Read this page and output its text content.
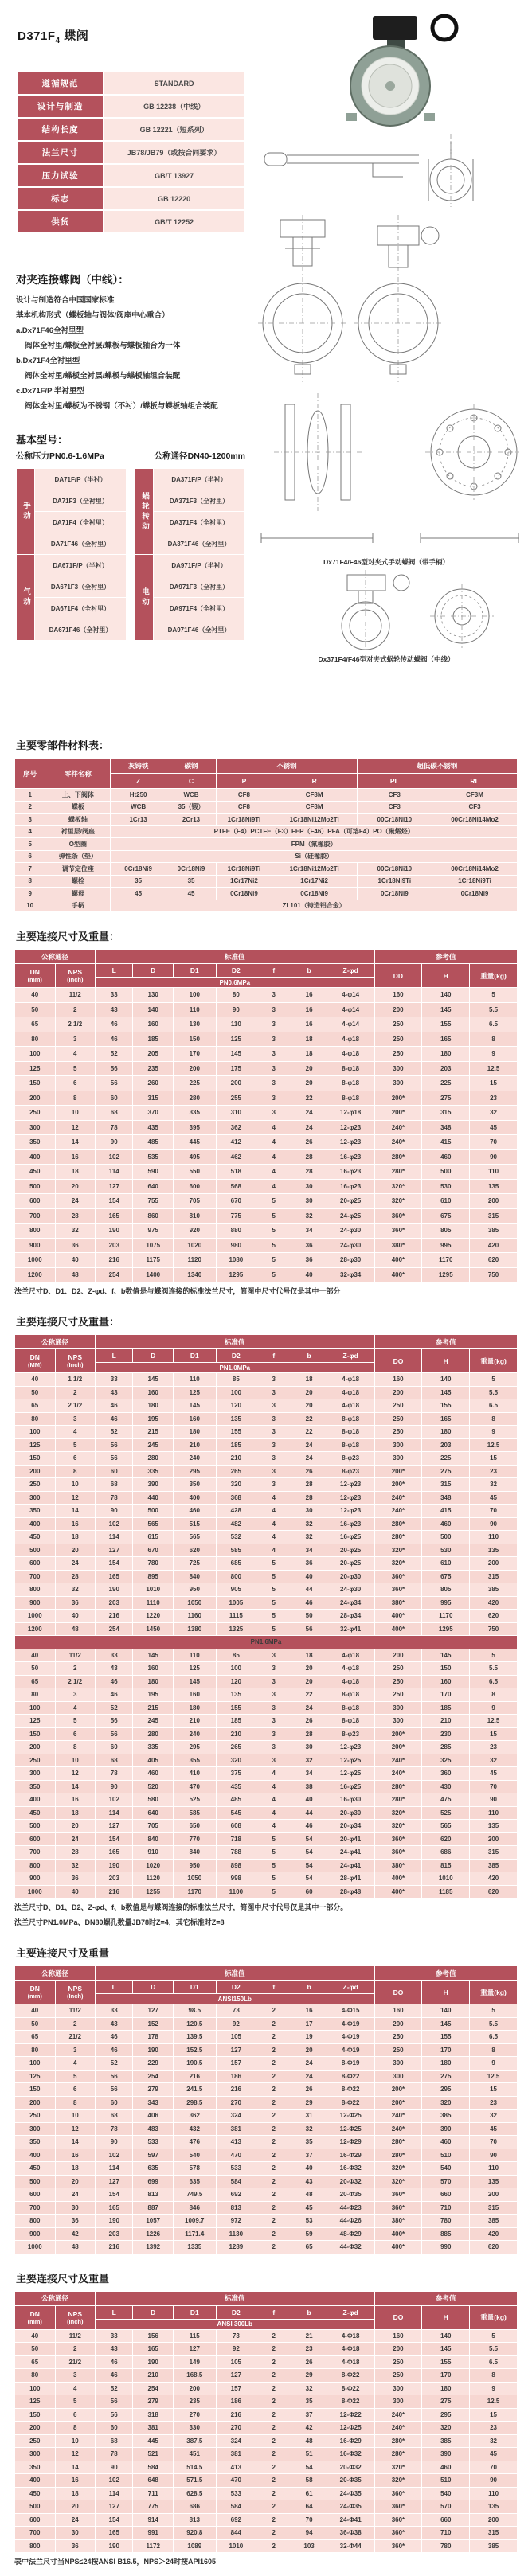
$D371F_4$ 蝶阀
遵循规范	STANDARD
设计与制造	GB 12238（中线）
结构长度	GB 12221（短系列）
法兰尺寸	JB78/JB79（或按合同要求）
压力试验	GB/T 13927
标志	GB 12220
供货	GB/T 12252
对夹连接蝶阀（中线）：
设计与制造符合中国国家标准
基本机构形式（蝶板轴与阀体/阀座中心重合）
a.Dx71F46全衬里型
阀体全衬里/蝶板全衬层/蝶板与蝶板轴合为一体
b.Dx71F4全衬里型
阀体全衬里/蝶板全衬层/蝶板与蝶板轴组合装配
c.Dx71F/P 半衬里型
阀体全衬里/蝶板为不锈钢（不衬）/蝶板与蝶板轴组合装配
基本型号：
公称压力PN0.6-1.6MPa	公称通径DN40-1200mm
手动	DA71F/P（半衬）
	DA71F3（全衬里）
	DA71F4（全衬里）
	DA71F46（全衬里）
气动	DA671F/P（半衬）
	DA671F3（全衬里）
	DA671F4（全衬里）
	DA671F46（全衬里）
蜗轮转动	DA371F/P（半衬）
	DA371F3（全衬里）
	DA371F4（全衬里）
	DA371F46（全衬里）
电动	DA971F/P（半衬）
	DA971F3（全衬里）
	DA971F4（全衬里）
	DA971F46（全衬里）
Dx71F4/F46型对夹式手动蝶阀（带手柄）
Dx371F4/F46型对夹式蜗轮传动蝶阀（中线）
主要零部件材料表：
序号	零件名称	灰铸铁	碳钢	不锈钢		超低碳不锈钢	
		Z	C	P	R	PL	RL
1	上、下阀体	Ht250	WCB	CF8	CF8M	CF3	CF3M
2	蝶板	WCB	35（锻）	CF8	CF8M	CF3	CF3
3	蝶板轴	1Cr13	2Cr13	1Cr18Ni9Ti	1Cr18Ni12Mo2Ti	00Cr18Ni10	00Cr18Ni14Mo2
4	衬里层/阀座	PTFE（F4）PCTFE（F3）FEP（F46）PFA（可溶F4）PO（聚烯烃）					
5	O型圈	FPM（氟橡胶）					
6	弹性条（垫）	Si（硅橡胶）					
7	调节定位座	0Cr18Ni9	0Cr18Ni9	1Cr18Ni9Ti	1Cr18Ni12Mo2Ti	00Cr18Ni10	00Cr18Ni14Mo2
8	螺栓	35	35	1Cr17Ni2	1Cr17Ni2	1Cr18Ni9Ti	1Cr18Ni9Ti
9	螺母	45	45	0Cr18Ni9	0Cr18Ni9	0Cr18Ni9	0Cr18Ni9
10	手柄	ZL101（铸造铝合金）					
主要连接尺寸及重量：
公称通径		标准值							参考值		
DN
(mm)	NPS
(Inch)	L	D	D1	D2	f	b	Z-φd	DD	H	重量(kg)
		PN0.6MPa									
40	11/2	33	130	100	80	3	16	4-φ14	160	140	5
50	2	43	140	110	90	3	16	4-φ14	200	145	5.5
65	2 1/2	46	160	130	110	3	16	4-φ14	250	155	6.5
80	3	46	185	150	125	3	18	4-φ18	250	165	8
100	4	52	205	170	145	3	18	4-φ18	250	180	9
125	5	56	235	200	175	3	20	8-φ18	300	203	12.5
150	6	56	260	225	200	3	20	8-φ18	300	225	15
200	8	60	315	280	255	3	22	8-φ18	200*	275	23
250	10	68	370	335	310	3	24	12-φ18	200*	315	32
300	12	78	435	395	362	4	24	12-φ23	240*	348	45
350	14	90	485	445	412	4	26	12-φ23	240*	415	70
400	16	102	535	495	462	4	28	16-φ23	280*	460	90
450	18	114	590	550	518	4	28	16-φ23	280*	500	110
500	20	127	640	600	568	4	30	16-φ23	320*	530	135
600	24	154	755	705	670	5	30	20-φ25	320*	610	200
700	28	165	860	810	775	5	32	24-φ25	360*	675	315
800	32	190	975	920	880	5	34	24-φ30	360*	805	385
900	36	203	1075	1020	980	5	36	24-φ30	380*	995	420
1000	40	216	1175	1120	1080	5	36	28-φ30	400*	1170	620
1200	48	254	1400	1340	1295	5	40	32-φ34	400*	1295	750
法兰尺寸D、D1、D2、Z-φd、f、b数值是与蝶阀连接的标准法兰尺寸，简图中尺寸代号仅是其中一部分
主要连接尺寸及重量：
公称通径		标准值							参考值		
DN
(MM)	NPS
(Inch)	L	D	D1	D2	f	b	Z-φd	DO	H	重量(kg)
		PN1.0MPa									
40	1 1/2	33	145	110	85	3	18	4-φ18	160	140	5
50	2	43	160	125	100	3	20	4-φ18	200	145	5.5
65	2 1/2	46	180	145	120	3	20	4-φ18	250	155	6.5
80	3	46	195	160	135	3	22	8-φ18	250	165	8
100	4	52	215	180	155	3	22	8-φ18	250	180	9
125	5	56	245	210	185	3	24	8-φ18	300	203	12.5
150	6	56	280	240	210	3	24	8-φ23	300	225	15
200	8	60	335	295	265	3	26	8-φ23	200*	275	23
250	10	68	390	350	320	3	28	12-φ23	200*	315	32
300	12	78	440	400	368	4	28	12-φ23	240*	348	45
350	14	90	500	460	428	4	30	12-φ23	240*	415	70
400	16	102	565	515	482	4	32	16-φ23	280*	460	90
450	18	114	615	565	532	4	32	16-φ25	280*	500	110
500	20	127	670	620	585	4	34	20-φ25	320*	530	135
600	24	154	780	725	685	5	36	20-φ25	320*	610	200
700	28	165	895	840	800	5	40	20-φ30	360*	675	315
800	32	190	1010	950	905	5	44	24-φ30	360*	805	385
900	36	203	1110	1050	1005	5	46	24-φ34	380*	995	420
1000	40	216	1220	1160	1115	5	50	28-φ34	400*	1170	620
1200	48	254	1450	1380	1325	5	56	32-φ41	400*	1295	750
PN1.6MPa											
40	11/2	33	145	110	85	3	18	4-φ18	200	145	5
50	2	43	160	125	100	3	20	4-φ18	250	150	5.5
65	2 1/2	46	180	145	120	3	20	4-φ18	250	160	6.5
80	3	46	195	160	135	3	22	8-φ18	250	170	8
100	4	52	215	180	155	3	24	8-φ18	300	185	9
125	5	56	245	210	185	3	26	8-φ18	300	210	12.5
150	6	56	280	240	210	3	28	8-φ23	200*	230	15
200	8	60	335	295	265	3	30	12-φ23	200*	285	23
250	10	68	405	355	320	3	32	12-φ25	240*	325	32
300	12	78	460	410	375	4	34	12-φ25	240*	360	45
350	14	90	520	470	435	4	38	16-φ25	280*	430	70
400	16	102	580	525	485	4	40	16-φ30	280*	475	90
450	18	114	640	585	545	4	44	20-φ30	320*	525	110
500	20	127	705	650	608	4	46	20-φ34	320*	565	135
600	24	154	840	770	718	5	54	20-φ41	360*	620	200
700	28	165	910	840	788	5	54	24-φ41	360*	686	315
800	32	190	1020	950	898	5	54	24-φ41	380*	815	385
900	36	203	1120	1050	998	5	54	28-φ41	400*	1010	420
1000	40	216	1255	1170	1100	5	60	28-φ48	400*	1185	620
法兰尺寸D、D1、D2、Z-φd、f、b数值是与蝶阀连接的标准法兰尺寸，简图中尺寸代号仅是其中一部分。
法兰尺寸PN1.0MPa、DN80螺孔数量JB78时Z=4，其它标准时Z=8
主要连接尺寸及重量
公称通径		标准值							参考值		
DN
(mm)	NPS
(Inch)	L	D	D1	D2	f	b	Z-φd	DO	H	重量(kg)
		ANSI150Lb									
40	11/2	33	127	98.5	73	2	16	4-Φ15	160	140	5
50	2	43	152	120.5	92	2	17	4-Φ19	200	145	5.5
65	21/2	46	178	139.5	105	2	19	4-Φ19	250	155	6.5
80	3	46	190	152.5	127	2	20	4-Φ19	250	170	8
100	4	52	229	190.5	157	2	24	8-Φ19	300	180	9
125	5	56	254	216	186	2	24	8-Φ22	300	275	12.5
150	6	56	279	241.5	216	2	26	8-Φ22	200*	295	15
200	8	60	343	298.5	270	2	29	8-Φ22	200*	320	23
250	10	68	406	362	324	2	31	12-Φ25	240*	385	32
300	12	78	483	432	381	2	32	12-Φ25	240*	390	45
350	14	90	533	476	413	2	35	12-Φ29	280*	460	70
400	16	102	597	540	470	2	37	16-Φ29	280*	510	90
450	18	114	635	578	533	2	40	16-Φ32	320*	540	110
500	20	127	699	635	584	2	43	20-Φ32	320*	570	135
600	24	154	813	749.5	692	2	48	20-Φ35	360*	660	200
700	30	165	887	846	813	2	45	44-Φ23	360*	710	315
800	36	190	1057	1009.7	972	2	53	44-Φ26	380*	780	385
900	42	203	1226	1171.4	1130	2	59	48-Φ29	400*	885	420
1000	48	216	1392	1335	1289	2	65	44-Φ32	400*	990	620
主要连接尺寸及重量
公称通径		标准值							参考值		
DN
(mm)	NPS
(Inch)	L	D	D1	D2	f	b	Z-φd	DO	H	重量(kg)
		ANSI 300Lb									
40	11/2	33	156	115	73	2	21	4-Φ18	160	140	5
50	2	43	165	127	92	2	23	4-Φ18	200	145	5.5
65	21/2	46	190	149	105	2	26	4-Φ18	250	155	6.5
80	3	46	210	168.5	127	2	29	8-Φ22	250	170	8
100	4	52	254	200	157	2	32	8-Φ22	300	180	9
125	5	56	279	235	186	2	35	8-Φ22	300	275	12.5
150	6	56	318	270	216	2	37	12-Φ22	240*	295	15
200	8	60	381	330	270	2	42	12-Φ25	240*	320	23
250	10	68	445	387.5	324	2	48	16-Φ29	280*	385	32
300	12	78	521	451	381	2	51	16-Φ32	280*	390	45
350	14	90	584	514.5	413	2	54	20-Φ32	320*	460	70
400	16	102	648	571.5	470	2	58	20-Φ35	320*	510	90
450	18	114	711	628.5	533	2	61	24-Φ35	360*	540	110
500	20	127	775	686	584	2	64	24-Φ35	360*	570	135
600	24	154	914	813	692	2	70	24-Φ41	360*	660	200
700	30	165	991	920.8	844	2	94	36-Φ38	360*	710	315
800	36	190	1172	1089	1010	2	103	32-Φ44	360*	780	385
表中法兰尺寸当NPS≤24按ANSI B16.5，NPS＞24时按API1605
